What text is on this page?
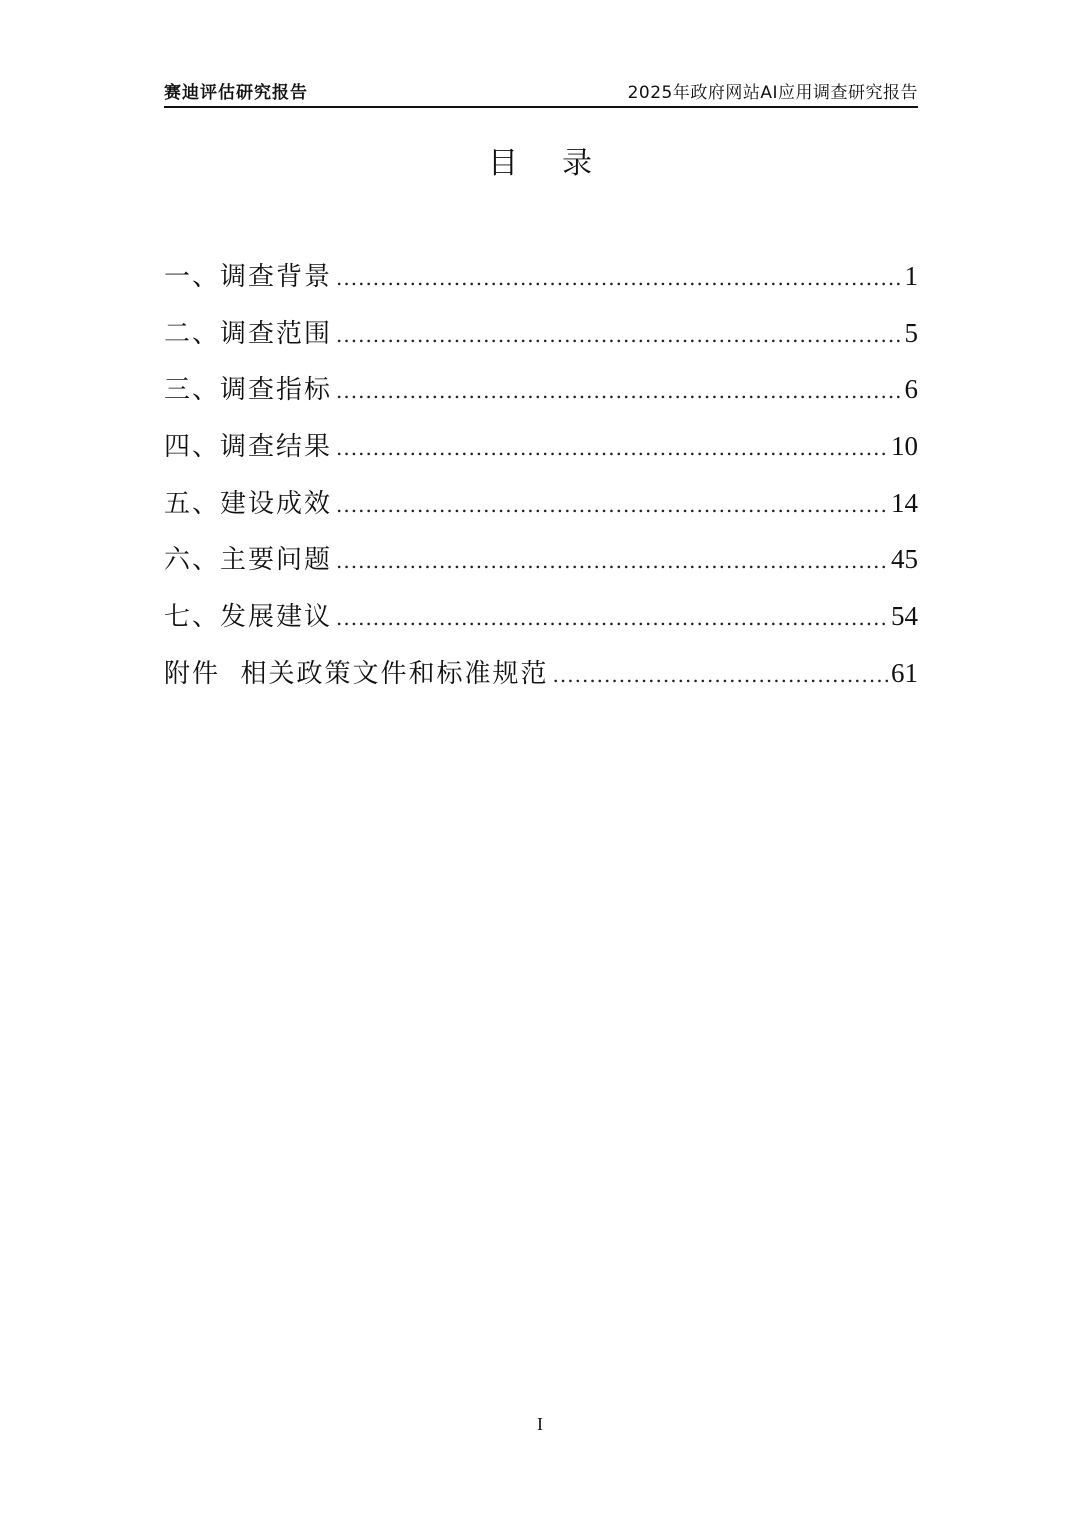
赛迪评估研究报告	2025年政府网站AI应用调查研究报告
目录
一、调查背景 .....	1
二、调查范围 .....	5
三、调查指标 .....	6
四、调查结果 .....	10
五、建设成效 .....	14
六、主要问题 .....	45
七、发展建议 .....	54
附件  相关政策文件和标准规范 .....	61
I
